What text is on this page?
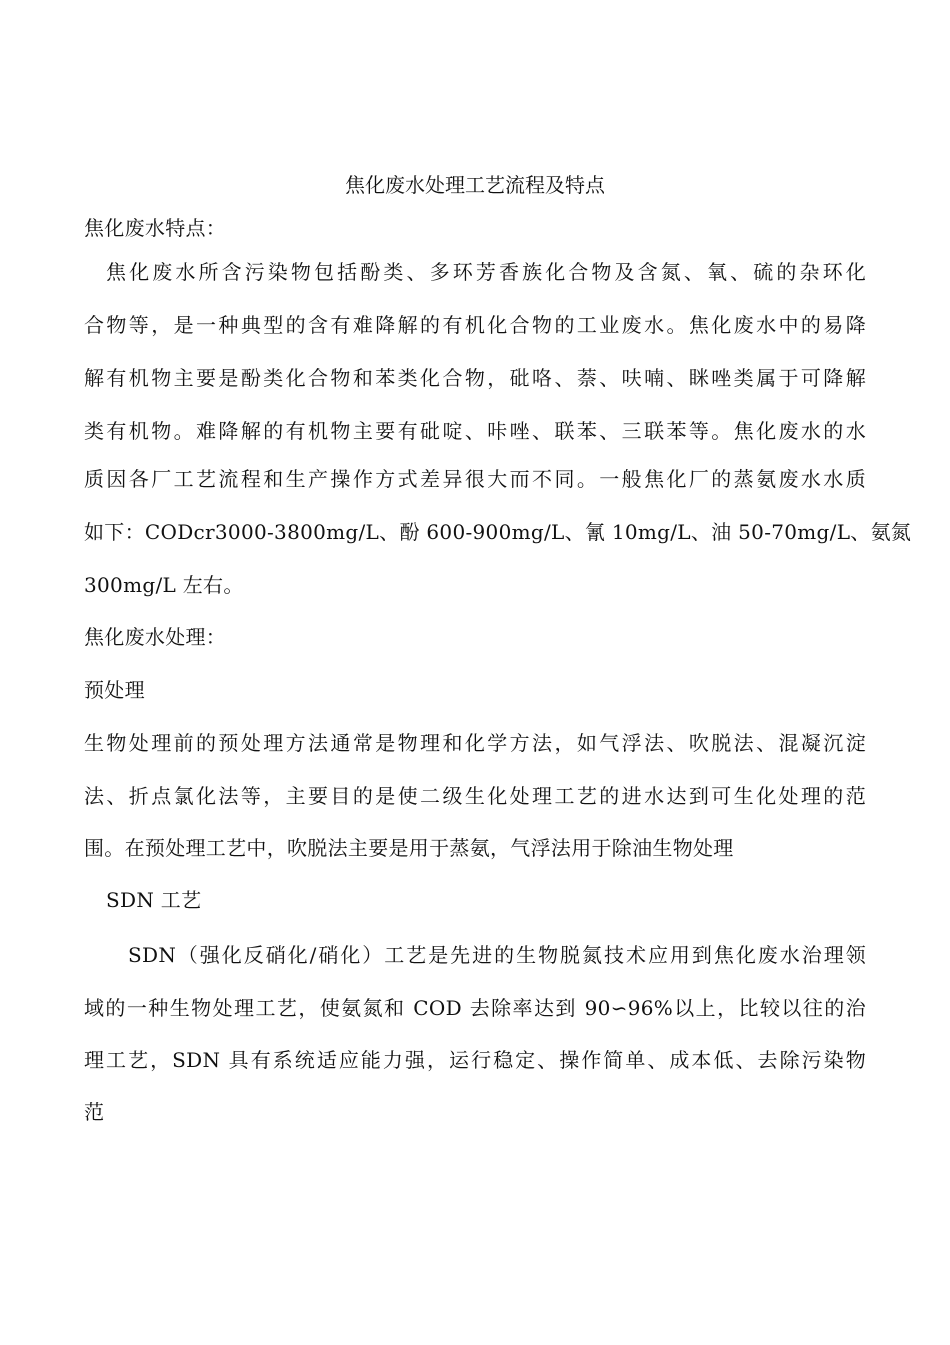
焦化废水处理工艺流程及特点
焦化废水特点：
焦化废水所含污染物包括酚类、多环芳香族化合物及含氮、氧、硫的杂环化
合物等，是一种典型的含有难降解的有机化合物的工业废水。焦化废水中的易降
解有机物主要是酚类化合物和苯类化合物，砒咯、萘、呋喃、眯唑类属于可降解
类有机物。难降解的有机物主要有砒啶、咔唑、联苯、三联苯等。焦化废水的水
质因各厂工艺流程和生产操作方式差异很大而不同。一般焦化厂的蒸氨废水水质
如下：CODcr3000-3800mg/L、酚 600-900mg/L、氰 10mg/L、油 50-70mg/L、氨氮
300mg/L 左右。
焦化废水处理：
预处理
生物处理前的预处理方法通常是物理和化学方法，如气浮法、吹脱法、混凝沉淀
法、折点氯化法等，主要目的是使二级生化处理工艺的进水达到可生化处理的范
围。在预处理工艺中，吹脱法主要是用于蒸氨，气浮法用于除油生物处理
SDN 工艺
SDN（强化反硝化/硝化）工艺是先进的生物脱氮技术应用到焦化废水治理领
域的一种生物处理工艺，使氨氮和 COD 去除率达到 90∽96%以上，比较以往的治
理工艺，SDN 具有系统适应能力强，运行稳定、操作简单、成本低、去除污染物
范
